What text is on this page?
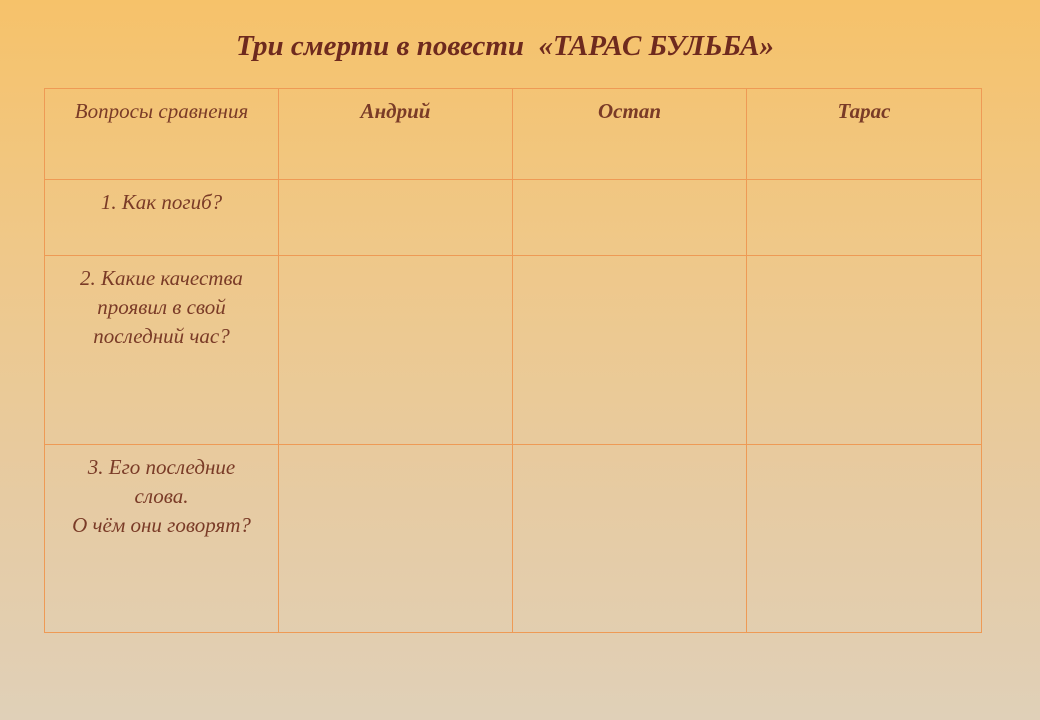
Три смерти в повести  «ТАРАС БУЛЬБА»
Вопросы сравнения	Андрий	Остап	Тарас
1. Как погиб?			
2. Какие качества
проявил в свой
последний час?			
3. Его последние
слова.
О чём они говорят?			
